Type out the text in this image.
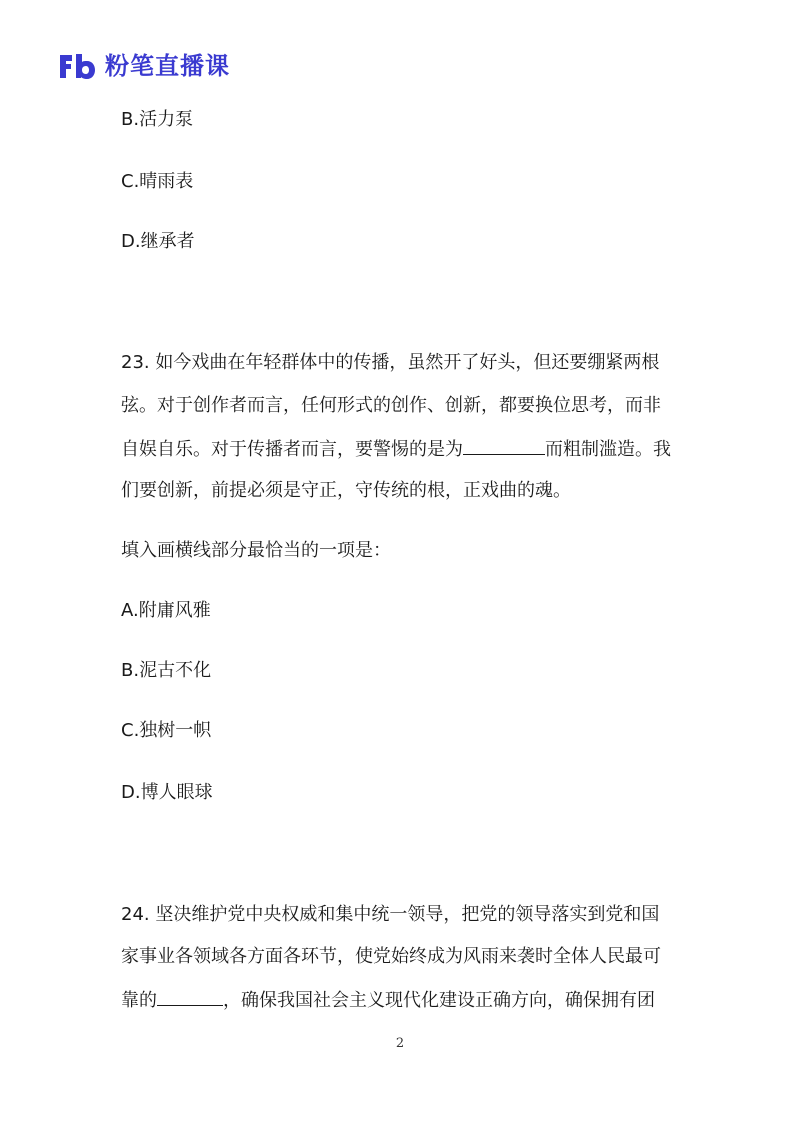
粉笔直播课
B.活力泵
C.晴雨表
D.继承者
23. 如今戏曲在年轻群体中的传播，虽然开了好头，但还要绷紧两根
弦。对于创作者而言，任何形式的创作、创新，都要换位思考，而非
自娱自乐。对于传播者而言，要警惕的是为	而粗制滥造。我
们要创新，前提必须是守正，守传统的根，正戏曲的魂。
填入画横线部分最恰当的一项是：
A.附庸风雅
B.泥古不化
C.独树一帜
D.博人眼球
24. 坚决维护党中央权威和集中统一领导，把党的领导落实到党和国
家事业各领域各方面各环节，使党始终成为风雨来袭时全体人民最可
靠的	，确保我国社会主义现代化建设正确方向，确保拥有团
2
